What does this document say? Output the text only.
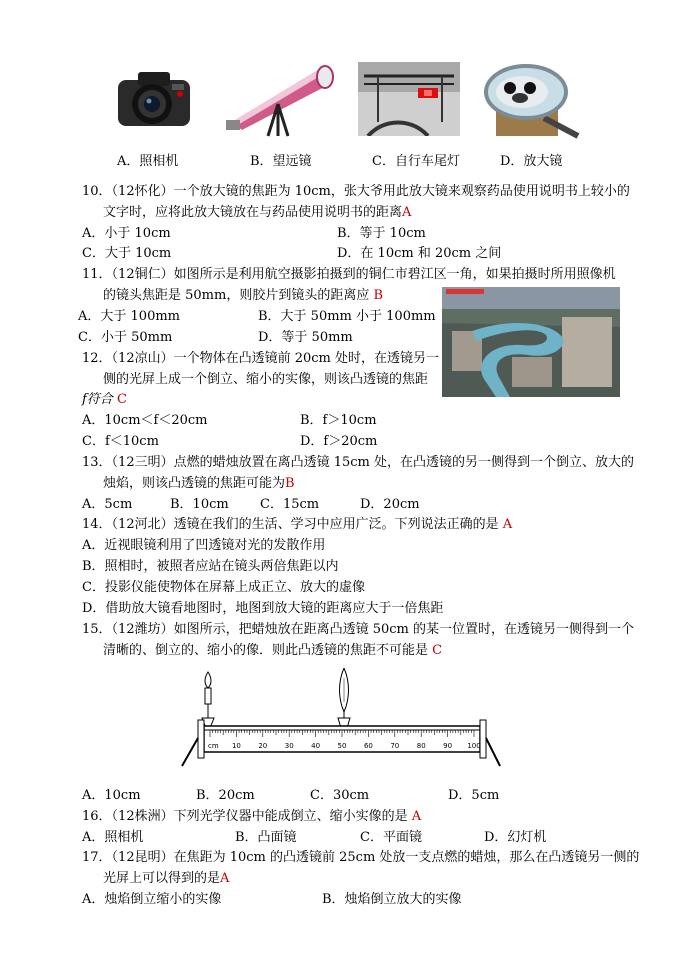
A．照相机	B．望远镜	C．自行车尾灯	D．放大镜
10．（12怀化）一个放大镜的焦距为 10cm，张大爷用此放大镜来观察药品使用说明书上较小的
文字时，应将此放大镜放在与药品使用说明书的距离A
A．小于 10cm	B．等于 10cm
C．大于 10cm	D．在 10cm 和 20cm 之间
11．（12铜仁）如图所示是利用航空摄影拍摄到的铜仁市碧江区一角，如果拍摄时所用照像机
的镜头焦距是 50mm，则胶片到镜头的距离应 B
A．大于 100mm	B．大于 50mm 小于 100mm
C．小于 50mm	D．等于 50mm
12．（12凉山）一个物体在凸透镜前 20cm 处时，在透镜另一
侧的光屏上成一个倒立、缩小的实像，则该凸透镜的焦距
f符合 C
A．10cm＜f＜20cm	B．f＞10cm
C．f＜10cm	D．f＞20cm
13．（12三明）点燃的蜡烛放置在离凸透镜 15cm 处，在凸透镜的另一侧得到一个倒立、放大的
烛焰，则该凸透镜的焦距可能为B
A．5cm	B．10cm C．15cm	D．20cm
14．（12河北）透镜在我们的生活、学习中应用广泛。下列说法正确的是 A
A．近视眼镜利用了凹透镜对光的发散作用
B．照相时，被照者应站在镜头两倍焦距以内
C．投影仪能使物体在屏幕上成正立、放大的虚像
D．借助放大镜看地图时，地图到放大镜的距离应大于一倍焦距
15．（12潍坊）如图所示，把蜡烛放在距离凸透镜 50cm 的某一位置时，在透镜另一侧得到一个
清晰的、倒立的、缩小的像．则此凸透镜的焦距不可能是 C
10 20 30 40 50 60 70 80 90 100
cm
A．10cm	B．20cm	C．30cm	D．5cm
16．（12株洲）下列光学仪器中能成倒立、缩小实像的是 A
A．照相机	B．凸面镜	C．平面镜	D．幻灯机
17．（12昆明）在焦距为 10cm 的凸透镜前 25cm 处放一支点燃的蜡烛，那么在凸透镜另一侧的
光屏上可以得到的是A
A．烛焰倒立缩小的实像	B．烛焰倒立放大的实像
